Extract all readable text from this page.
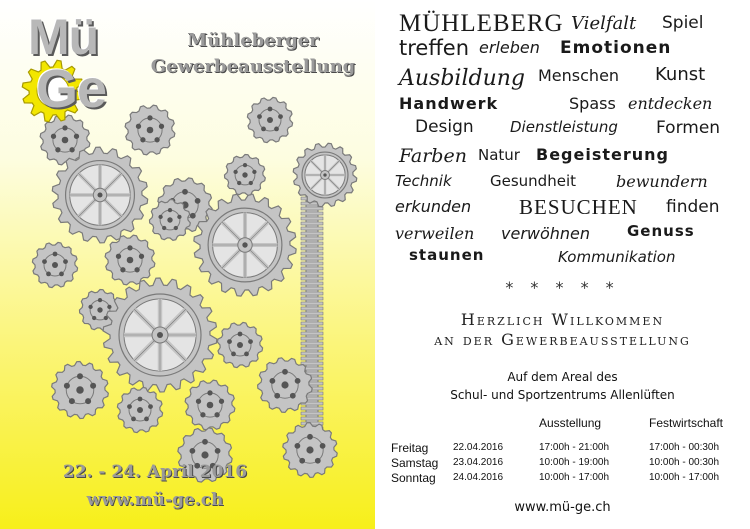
Mü
Ge
Mühleberger
Gewerbeausstellung
22. - 24. April 2016
www.mü-ge.ch
MÜHLEBERG Vielfalt Spiel
treffen erleben Emotionen
Ausbildung Menschen Kunst
Handwerk	Spass entdecken
Design Dienstleistung Formen
Farben Natur Begeisterung
Technik	Gesundheit	bewundern
erkunden BESUCHEN finden
verweilen verwöhnen Genuss
staunen	Kommunikation
* * * * *
Herzlich Willkommen
an der Gewerbeausstellung
Auf dem Areal des
Schul- und Sportzentrums Allenlüften
		Ausstellung	Festwirtschaft
Freitag	22.04.2016	17:00h - 21:00h	17:00h - 00:30h
Samstag	23.04.2016	10:00h - 19:00h	10:00h - 00:30h
Sonntag	24.04.2016	10:00h - 17:00h	10:00h - 17:00h
www.mü-ge.ch
